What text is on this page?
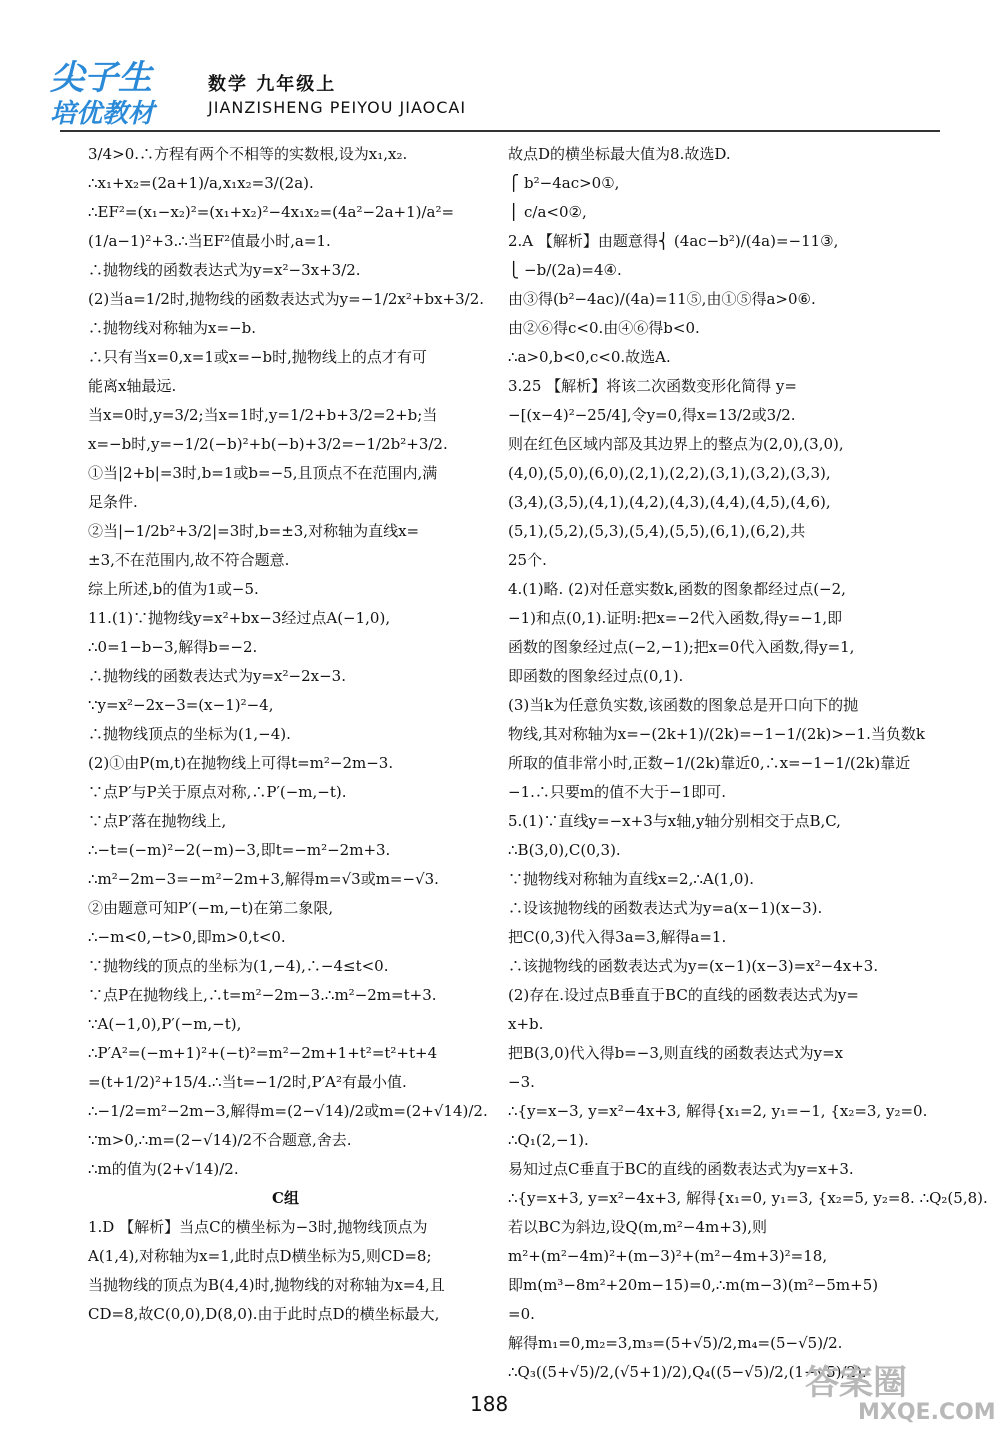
尖子生
培优教材
数学 九年级上
JIANZISHENG PEIYOU JIAOCAI
3/4>0.∴方程有两个不相等的实数根,设为x₁,x₂.
∴x₁+x₂=(2a+1)/a,x₁x₂=3/(2a).
∴EF²=(x₁−x₂)²=(x₁+x₂)²−4x₁x₂=(4a²−2a+1)/a²=
(1/a−1)²+3.∴当EF²值最小时,a=1.
∴抛物线的函数表达式为y=x²−3x+3/2.
(2)当a=1/2时,抛物线的函数表达式为y=−1/2x²+bx+3/2.
∴抛物线对称轴为x=−b.
∴只有当x=0,x=1或x=−b时,抛物线上的点才有可
能离x轴最远.
当x=0时,y=3/2;当x=1时,y=1/2+b+3/2=2+b;当
x=−b时,y=−1/2(−b)²+b(−b)+3/2=−1/2b²+3/2.
①当|2+b|=3时,b=1或b=−5,且顶点不在范围内,满
足条件.
②当|−1/2b²+3/2|=3时,b=±3,对称轴为直线x=
±3,不在范围内,故不符合题意.
综上所述,b的值为1或−5.
11.(1)∵抛物线y=x²+bx−3经过点A(−1,0),
∴0=1−b−3,解得b=−2.
∴抛物线的函数表达式为y=x²−2x−3.
∵y=x²−2x−3=(x−1)²−4,
∴抛物线顶点的坐标为(1,−4).
(2)①由P(m,t)在抛物线上可得t=m²−2m−3.
∵点P′与P关于原点对称,∴P′(−m,−t).
∵点P′落在抛物线上,
∴−t=(−m)²−2(−m)−3,即t=−m²−2m+3.
∴m²−2m−3=−m²−2m+3,解得m=√3或m=−√3.
②由题意可知P′(−m,−t)在第二象限,
∴−m<0,−t>0,即m>0,t<0.
∵抛物线的顶点的坐标为(1,−4),∴−4≤t<0.
∵点P在抛物线上,∴t=m²−2m−3.∴m²−2m=t+3.
∵A(−1,0),P′(−m,−t),
∴P′A²=(−m+1)²+(−t)²=m²−2m+1+t²=t²+t+4
=(t+1/2)²+15/4.∴当t=−1/2时,P′A²有最小值.
∴−1/2=m²−2m−3,解得m=(2−√14)/2或m=(2+√14)/2.
∵m>0,∴m=(2−√14)/2不合题意,舍去.
∴m的值为(2+√14)/2.
C组
1.D 【解析】当点C的横坐标为−3时,抛物线顶点为
A(1,4),对称轴为x=1,此时点D横坐标为5,则CD=8;
当抛物线的顶点为B(4,4)时,抛物线的对称轴为x=4,且
CD=8,故C(0,0),D(8,0).由于此时点D的横坐标最大,
故点D的横坐标最大值为8.故选D.
⎧ b²−4ac>0①,
⎪ c/a<0②,
2.A 【解析】由题意得⎨ (4ac−b²)/(4a)=−11③,
⎩ −b/(2a)=4④.
由③得(b²−4ac)/(4a)=11⑤,由①⑤得a>0⑥.
由②⑥得c<0.由④⑥得b<0.
∴a>0,b<0,c<0.故选A.
3.25 【解析】将该二次函数变形化简得 y=
−[(x−4)²−25/4],令y=0,得x=13/2或3/2.
则在红色区域内部及其边界上的整点为(2,0),(3,0),
(4,0),(5,0),(6,0),(2,1),(2,2),(3,1),(3,2),(3,3),
(3,4),(3,5),(4,1),(4,2),(4,3),(4,4),(4,5),(4,6),
(5,1),(5,2),(5,3),(5,4),(5,5),(6,1),(6,2),共
25个.
4.(1)略. (2)对任意实数k,函数的图象都经过点(−2,
−1)和点(0,1).证明:把x=−2代入函数,得y=−1,即
函数的图象经过点(−2,−1);把x=0代入函数,得y=1,
即函数的图象经过点(0,1).
(3)当k为任意负实数,该函数的图象总是开口向下的抛
物线,其对称轴为x=−(2k+1)/(2k)=−1−1/(2k)>−1.当负数k
所取的值非常小时,正数−1/(2k)靠近0,∴x=−1−1/(2k)靠近
−1.∴只要m的值不大于−1即可.
5.(1)∵直线y=−x+3与x轴,y轴分别相交于点B,C,
∴B(3,0),C(0,3).
∵抛物线对称轴为直线x=2,∴A(1,0).
∴设该抛物线的函数表达式为y=a(x−1)(x−3).
把C(0,3)代入得3a=3,解得a=1.
∴该抛物线的函数表达式为y=(x−1)(x−3)=x²−4x+3.
(2)存在.设过点B垂直于BC的直线的函数表达式为y=
x+b.
把B(3,0)代入得b=−3,则直线的函数表达式为y=x
−3.
∴{y=x−3, y=x²−4x+3, 解得{x₁=2, y₁=−1, {x₂=3, y₂=0.
∴Q₁(2,−1).
易知过点C垂直于BC的直线的函数表达式为y=x+3.
∴{y=x+3, y=x²−4x+3, 解得{x₁=0, y₁=3, {x₂=5, y₂=8. ∴Q₂(5,8).
若以BC为斜边,设Q(m,m²−4m+3),则
m²+(m²−4m)²+(m−3)²+(m²−4m+3)²=18,
即m(m³−8m²+20m−15)=0,∴m(m−3)(m²−5m+5)
=0.
解得m₁=0,m₂=3,m₃=(5+√5)/2,m₄=(5−√5)/2.
∴Q₃((5+√5)/2,(√5+1)/2),Q₄((5−√5)/2,(1−√5)/2).
188
答案圈
MXQE.COM
